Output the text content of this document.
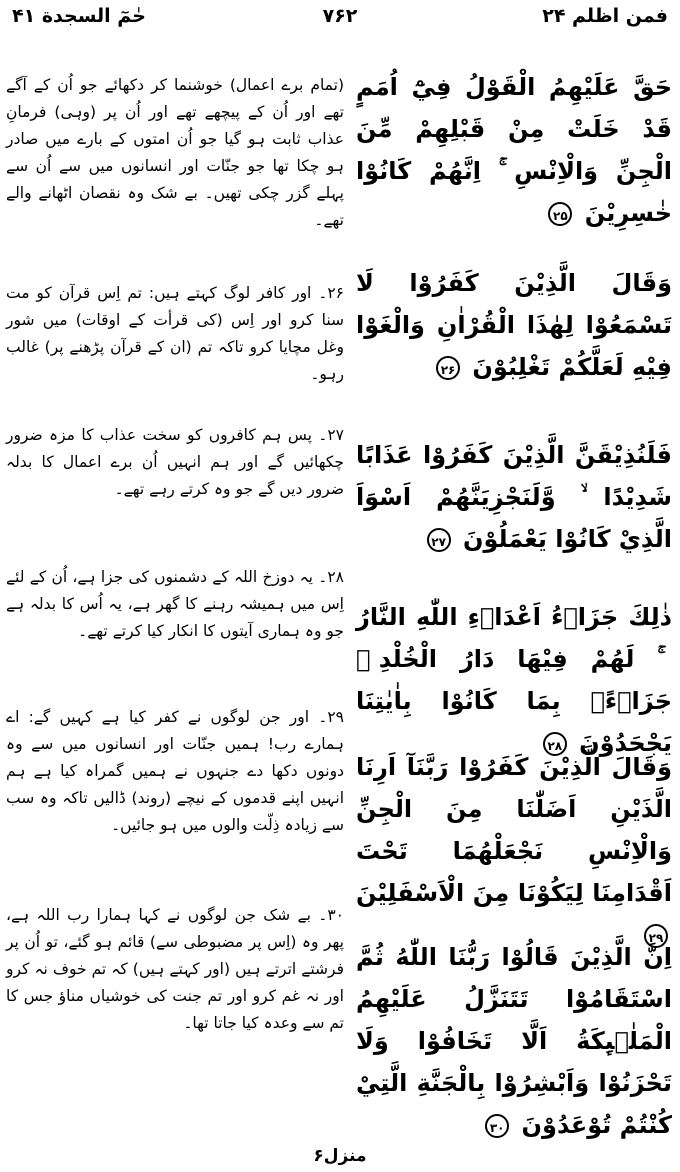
فمن اظلم ۲۴
۷۶۲
حٰمٓ السجدة ۴۱

حَقَّ عَلَيْهِمُ الْقَوْلُ فِيْٓ اُمَمٍ قَدْ خَلَتْ مِنْ قَبْلِهِمْ مِّنَ الْجِنِّ وَالْاِنْسِ ۚ اِنَّهُمْ كَانُوْا خٰسِرِيْنَ ۲۵

وَقَالَ الَّذِيْنَ كَفَرُوْا لَا تَسْمَعُوْا لِهٰذَا الْقُرْاٰنِ وَالْغَوْا فِيْهِ لَعَلَّكُمْ تَغْلِبُوْنَ ۲۶

فَلَنُذِيْقَنَّ الَّذِيْنَ كَفَرُوْا عَذَابًا شَدِيْدًا ۙ وَّلَنَجْزِيَنَّهُمْ اَسْوَاَ الَّذِيْ كَانُوْا يَعْمَلُوْنَ ۲۷

ذٰلِكَ جَزَاۗءُ اَعْدَاۗءِ اللّٰهِ النَّارُ ۚ لَهُمْ فِيْهَا دَارُ الْخُلْدِ ۭ جَزَاۗءًۢ بِمَا كَانُوْا بِاٰيٰتِنَا يَجْحَدُوْنَ ۲۸

وَقَالَ الَّذِيْنَ كَفَرُوْا رَبَّنَآ اَرِنَا الَّذَيْنِ اَضَلّٰنَا مِنَ الْجِنِّ وَالْاِنْسِ نَجْعَلْهُمَا تَحْتَ اَقْدَامِنَا لِيَكُوْنَا مِنَ الْاَسْفَلِيْنَ ۲۹

اِنَّ الَّذِيْنَ قَالُوْا رَبُّنَا اللّٰهُ ثُمَّ اسْتَقَامُوْا تَتَنَزَّلُ عَلَيْهِمُ الْمَلٰۗىِٕكَةُ اَلَّا تَخَافُوْا وَلَا تَحْزَنُوْا وَاَبْشِرُوْا بِالْجَنَّةِ الَّتِيْ كُنْتُمْ تُوْعَدُوْنَ ۳۰

(تمام برے اعمال) خوشنما کر دکھائے جو اُن کے آگے تھے اور اُن کے پیچھے تھے اور اُن پر (وہی) فرمانِ عذاب ثابت ہو گیا جو اُن امتوں کے بارے میں صادر ہو چکا تھا جو جنّات اور انسانوں میں سے اُن سے پہلے گزر چکی تھیں۔ بے شک وہ نقصان اٹھانے والے تھے۔

۲۶۔ اور کافر لوگ کہتے ہیں: تم اِس قرآن کو مت سنا کرو اور اِس (کی قرأت کے اوقات) میں شور وغل مچایا کرو تاکہ تم (ان کے قرآن پڑھنے پر) غالب رہو۔

۲۷۔ پس ہم کافروں کو سخت عذاب کا مزہ ضرور چکھائیں گے اور ہم انہیں اُن برے اعمال کا بدلہ ضرور دیں گے جو وہ کرتے رہے تھے۔

۲۸۔ یہ دوزخ اللہ کے دشمنوں کی جزا ہے، اُن کے لئے اِس میں ہمیشہ رہنے کا گھر ہے، یہ اُس کا بدلہ ہے جو وہ ہماری آیتوں کا انکار کیا کرتے تھے۔

۲۹۔ اور جن لوگوں نے کفر کیا ہے کہیں گے: اے ہمارے رب! ہمیں جنّات اور انسانوں میں سے وہ دونوں دکھا دے جنہوں نے ہمیں گمراہ کیا ہے ہم انہیں اپنے قدموں کے نیچے (روند) ڈالیں تاکہ وہ سب سے زیادہ ذِلّت والوں میں ہو جائیں۔

۳۰۔ بے شک جن لوگوں نے کہا ہمارا رب اللہ ہے، پھر وہ (اِس پر مضبوطی سے) قائم ہو گئے، تو اُن پر فرشتے اترتے ہیں (اور کہتے ہیں) کہ تم خوف نہ کرو اور نہ غم کرو اور تم جنت کی خوشیاں مناؤ جس کا تم سے وعدہ کیا جاتا تھا۔

منزل۶
